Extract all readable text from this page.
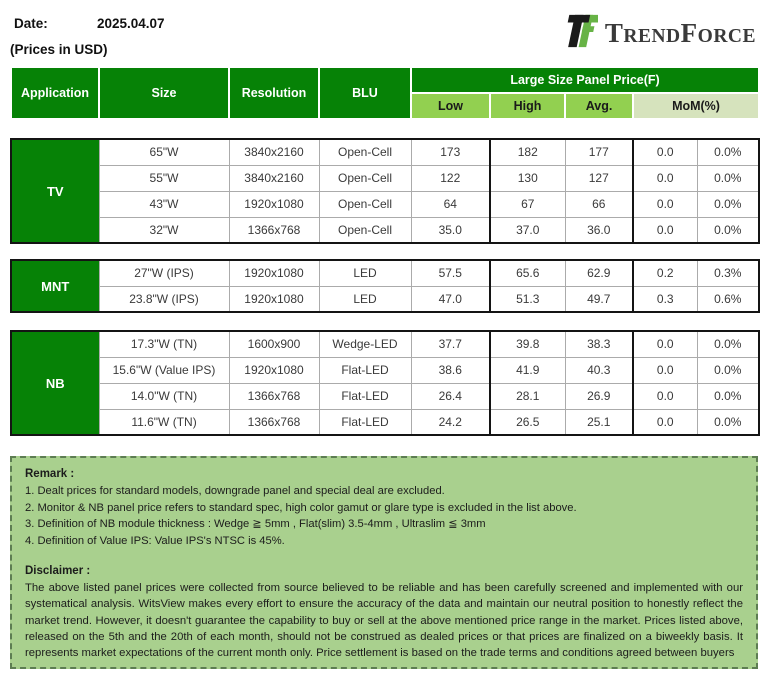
Date:	2025.04.07
(Prices in USD)
TRENDFORCE
Application	Size	Resolution	BLU	Large Size Panel Price(F)			
				Low	High	Avg.	MoM(%)
TV	65"W	3840x2160	Open-Cell	173	182	177	0.0	0.0%
	55"W	3840x2160	Open-Cell	122	130	127	0.0	0.0%
	43"W	1920x1080	Open-Cell	64	67	66	0.0	0.0%
	32"W	1366x768	Open-Cell	35.0	37.0	36.0	0.0	0.0%
MNT	27"W (IPS)	1920x1080	LED	57.5	65.6	62.9	0.2	0.3%
	23.8"W (IPS)	1920x1080	LED	47.0	51.3	49.7	0.3	0.6%
NB	17.3"W (TN)	1600x900	Wedge-LED	37.7	39.8	38.3	0.0	0.0%
	15.6"W (Value IPS)	1920x1080	Flat-LED	38.6	41.9	40.3	0.0	0.0%
	14.0"W (TN)	1366x768	Flat-LED	26.4	28.1	26.9	0.0	0.0%
	11.6"W (TN)	1366x768	Flat-LED	24.2	26.5	25.1	0.0	0.0%
Remark :
1. Dealt prices for standard models, downgrade panel and special deal are excluded.
2. Monitor & NB panel price refers to standard spec, high color gamut or glare type is excluded in the list above.
3. Definition of NB module thickness : Wedge ≧ 5mm , Flat(slim) 3.5-4mm , Ultraslim ≦ 3mm
4. Definition of Value IPS: Value IPS's NTSC is 45%.
Disclaimer :
The above listed panel prices were collected from source believed to be reliable and has been carefully screened and implemented with our systematical analysis. WitsView makes every effort to ensure the accuracy of the data and maintain our neutral position to honestly reflect the market trend. However, it doesn't guarantee the capability to buy or sell at the above mentioned price range in the market. Prices listed above, released on the 5th and the 20th of each month, should not be construed as dealed prices or that prices are finalized on a biweekly basis. It represents market expectations of the current month only. Price settlement is based on the trade terms and conditions agreed between buyers
